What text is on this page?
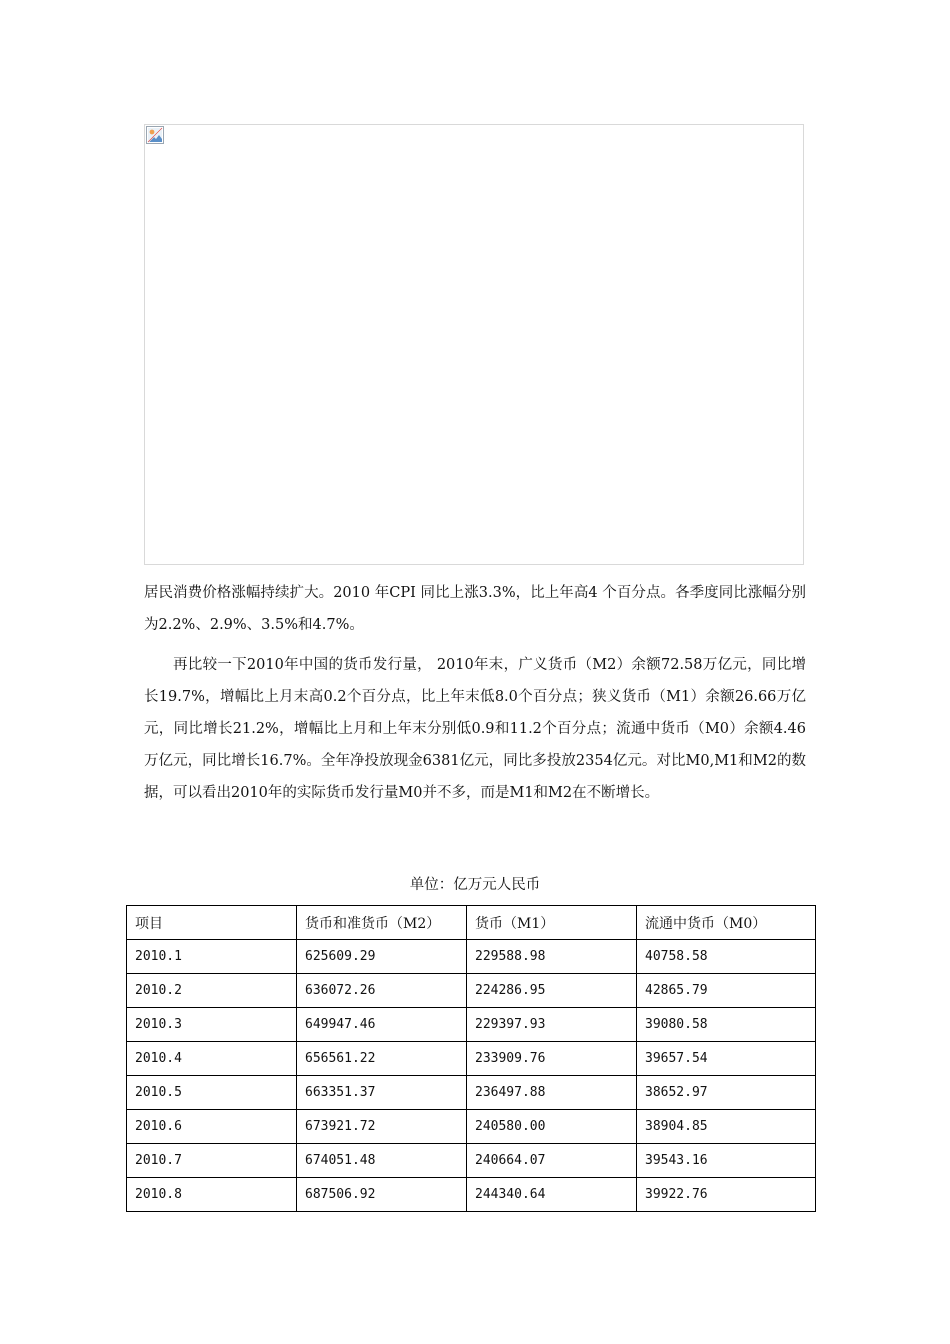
居民消费价格涨幅持续扩大。2010 年CPI 同比上涨3.3%，比上年高4 个百分点。各季度同比涨幅分别为2.2%、2.9%、3.5%和4.7%。

再比较一下2010年中国的货币发行量， 2010年末，广义货币（M2）余额72.58万亿元，同比增长19.7%，增幅比上月末高0.2个百分点，比上年末低8.0个百分点；狭义货币（M1）余额26.66万亿元，同比增长21.2%，增幅比上月和上年末分别低0.9和11.2个百分点；流通中货币（M0）余额4.46万亿元，同比增长16.7%。全年净投放现金6381亿元，同比多投放2354亿元。对比M0,M1和M2的数据，可以看出2010年的实际货币发行量M0并不多，而是M1和M2在不断增长。

单位：亿万元人民币
项目	货币和准货币（M2）	货币（M1）	流通中货币（M0）
2010.1	625609.29	229588.98	40758.58
2010.2	636072.26	224286.95	42865.79
2010.3	649947.46	229397.93	39080.58
2010.4	656561.22	233909.76	39657.54
2010.5	663351.37	236497.88	38652.97
2010.6	673921.72	240580.00	38904.85
2010.7	674051.48	240664.07	39543.16
2010.8	687506.92	244340.64	39922.76
